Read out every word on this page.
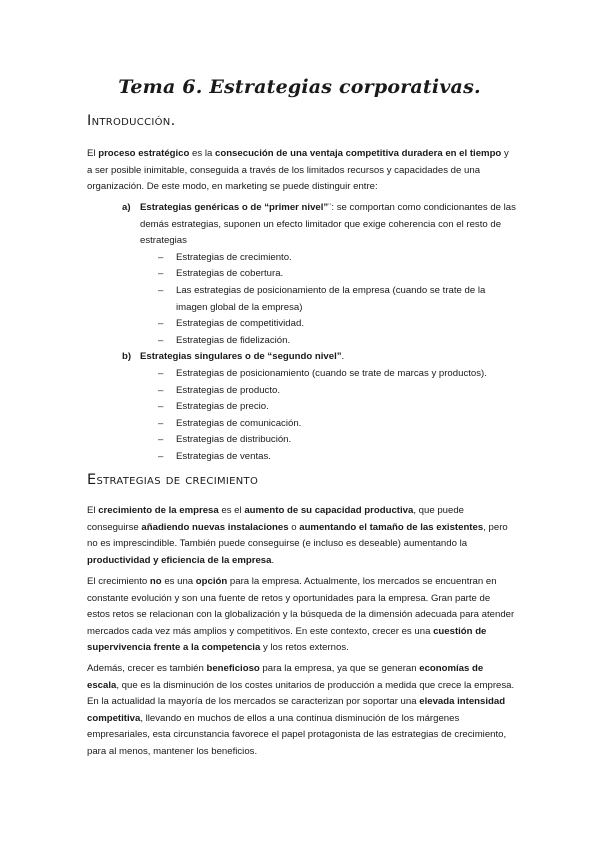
Tema 6. Estrategias corporativas.
Introducción.

El proceso estratégico es la consecución de una ventaja competitiva duradera en el tiempo y a ser posible inimitable, conseguida a través de los limitados recursos y capacidades de una organización. De este modo, en marketing se puede distinguir entre:

a) Estrategias genéricas o de “primer nivel”¨: se comportan como condicionantes de las demás estrategias, suponen un efecto limitador que exige coherencia con el resto de estrategias
– Estrategias de crecimiento.
– Estrategias de cobertura.
– Las estrategias de posicionamiento de la empresa (cuando se trate de la imagen global de la empresa)
– Estrategias de competitividad.
– Estrategias de fidelización.
b) Estrategias singulares o de “segundo nivel”.
– Estrategias de posicionamiento (cuando se trate de marcas y productos).
– Estrategias de producto.
– Estrategias de precio.
– Estrategias de comunicación.
– Estrategias de distribución.
– Estrategias de ventas.
Estrategias de crecimiento

El crecimiento de la empresa es el aumento de su capacidad productiva, que puede conseguirse añadiendo nuevas instalaciones o aumentando el tamaño de las existentes, pero no es imprescindible. También puede conseguirse (e incluso es deseable) aumentando la productividad y eficiencia de la empresa.

El crecimiento no es una opción para la empresa. Actualmente, los mercados se encuentran en constante evolución y son una fuente de retos y oportunidades para la empresa. Gran parte de estos retos se relacionan con la globalización y la búsqueda de la dimensión adecuada para atender mercados cada vez más amplios y competitivos. En este contexto, crecer es una cuestión de supervivencia frente a la competencia y los retos externos.

Además, crecer es también beneficioso para la empresa, ya que se generan economías de escala, que es la disminución de los costes unitarios de producción a medida que crece la empresa. En la actualidad la mayoría de los mercados se caracterizan por soportar una elevada intensidad competitiva, llevando en muchos de ellos a una continua disminución de los márgenes empresariales, esta circunstancia favorece el papel protagonista de las estrategias de crecimiento, para al menos, mantener los beneficios.
